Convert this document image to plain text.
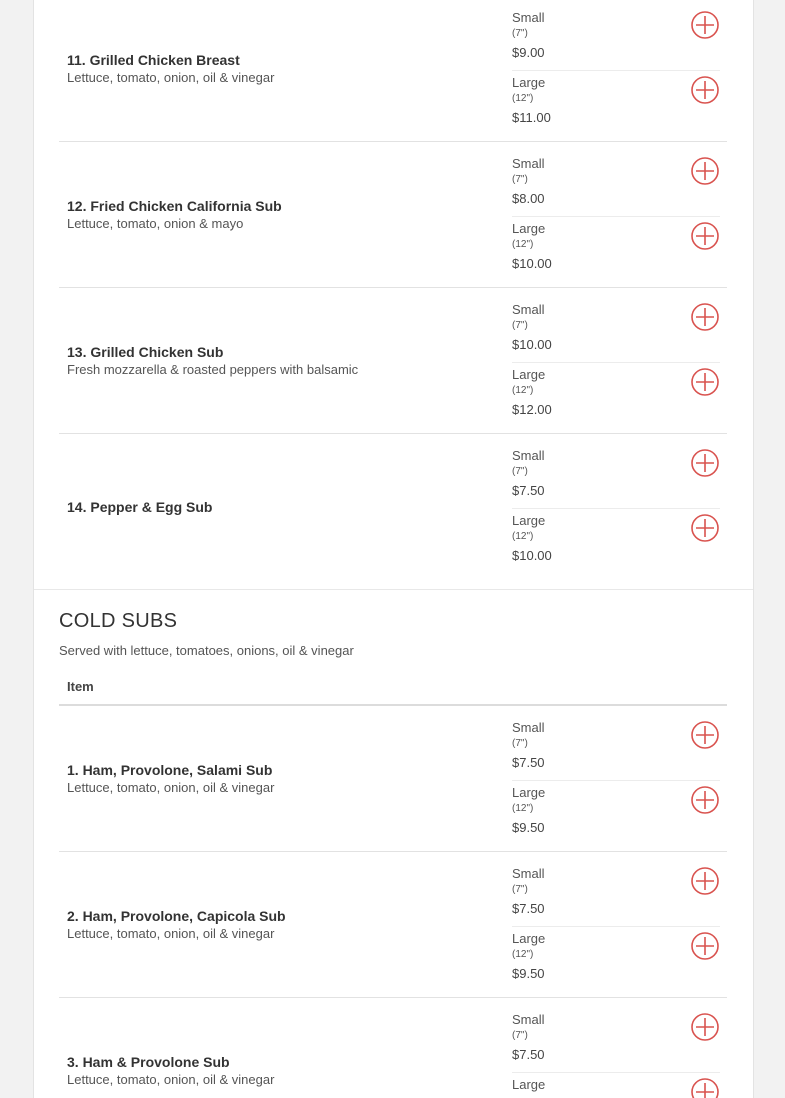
11. Grilled Chicken Breast
Lettuce, tomato, onion, oil & vinegar
Small
(7")
$9.00
Large
(12")
$11.00
12. Fried Chicken California Sub
Lettuce, tomato, onion & mayo
Small
(7")
$8.00
Large
(12")
$10.00
13. Grilled Chicken Sub
Fresh mozzarella & roasted peppers with balsamic
Small
(7")
$10.00
Large
(12")
$12.00
14. Pepper & Egg Sub
Small
(7")
$7.50
Large
(12")
$10.00
COLD SUBS
Served with lettuce, tomatoes, onions, oil & vinegar
Item
1. Ham, Provolone, Salami Sub
Lettuce, tomato, onion, oil & vinegar
Small
(7")
$7.50
Large
(12")
$9.50
2. Ham, Provolone, Capicola Sub
Lettuce, tomato, onion, oil & vinegar
Small
(7")
$7.50
Large
(12")
$9.50
3. Ham & Provolone Sub
Lettuce, tomato, onion, oil & vinegar
Small
(7")
$7.50
Large
